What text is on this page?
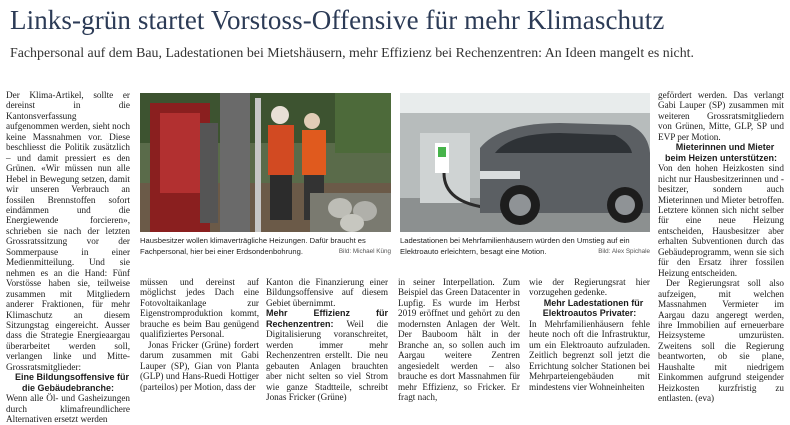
Links-grün startet Vorstoss-Offensive für mehr Klimaschutz
Fachpersonal auf dem Bau, Ladestationen bei Mietshäusern, mehr Effizienz bei Rechenzentren: An Ideen mangelt es nicht.

Der Klima-Artikel, sollte er dereinst in die Kantonsverfassung aufgenommen werden, sieht noch keine Massnahmen vor. Diese beschliesst die Politik zusätzlich – und damit pressiert es den Grünen. «Wir müssen nun alle Hebel in Bewegung setzen, damit wir unseren Verbrauch an fossilen Brennstoffen sofort eindämmen und die Energiewende forcieren», schrieben sie nach der letzten Grossratssitzung vor der Sommerpause in einer Medienmitteilung. Und sie nehmen es an die Hand: Fünf Vorstösse haben sie, teilweise zusammen mit Mitgliedern anderer Fraktionen, für mehr Klimaschutz an diesem Sitzungstag eingereicht. Ausser dass die Strategie Energieaargau überarbeitet werden soll, verlangen linke und Mitte-Grossratsmitglieder:

Eine Bildungsoffensive für die Gebäudebranche:

Wenn alle Öl- und Gasheizungen durch klimafreundlichere Alternativen ersetzt werden

Hausbesitzer wollen klimaverträgliche Heizungen. Dafür braucht es Fachpersonal, hier bei einer Erdsondenbohrung.	Bild: Michael Küng
Ladestationen bei Mehrfamilienhäusern würden den Umstieg auf ein Elektroauto erleichtern, besagt eine Motion.	Bild: Alex Spichale

müssen und dereinst auf möglichst jedes Dach eine Fotovoltaikanlage zur Eigenstromproduktion kommt, brauche es beim Bau genügend qualifiziertes Personal.

Jonas Fricker (Grüne) fordert darum zusammen mit Gabi Lauper (SP), Gian von Planta (GLP) und Hans-Ruedi Hottiger (parteilos) per Motion, dass der

Kanton die Finanzierung einer Bildungsoffensive auf diesem Gebiet übernimmt.

Mehr Effizienz für Rechenzentren: Weil die Digitalisierung voranschreitet, werden immer mehr Rechenzentren erstellt. Die neu gebauten Anlagen brauchten aber nicht selten so viel Strom wie ganze Stadtteile, schreibt Jonas Fricker (Grüne)

in seiner Interpellation. Zum Beispiel das Green Datacenter in Lupfig. Es wurde im Herbst 2019 eröffnet und gehört zu den modernsten Anlagen der Welt. Der Bauboom hält in der Branche an, so sollen auch im Aargau weitere Zentren angesiedelt werden – also brauche es dort Massnahmen für mehr Effizienz, so Fricker. Er fragt nach,

wie der Regierungsrat hier vorzugehen gedenke.

Mehr Ladestationen für Elektroautos Privater:

In Mehrfamilienhäusern fehle heute noch oft die Infrastruktur, um ein Elektroauto aufzuladen. Zeitlich begrenzt soll jetzt die Errichtung solcher Stationen bei Mehrparteiengebäuden mit mindestens vier Wohneinheiten

gefördert werden. Das verlangt Gabi Lauper (SP) zusammen mit weiteren Grossratsmitgliedern von Grünen, Mitte, GLP, SP und EVP per Motion.

Mieterinnen und Mieter beim Heizen unterstützen:

Von den hohen Heizkosten sind nicht nur Hausbesitzerinnen und -besitzer, sondern auch Mieterinnen und Mieter betroffen. Letztere können sich nicht selber für eine neue Heizung entscheiden, Hausbesitzer aber erhalten Subventionen durch das Gebäudeprogramm, wenn sie sich für den Ersatz ihrer fossilen Heizung entscheiden.

Der Regierungsrat soll also aufzeigen, mit welchen Massnahmen Vermieter im Aargau dazu angeregt werden, ihre Immobilien auf erneuerbare Heizsysteme umzurüsten. Zweitens soll die Regierung beantworten, ob sie plane, Haushalte mit niedrigem Einkommen aufgrund steigender Heizkosten kurzfristig zu entlasten. (eva)
